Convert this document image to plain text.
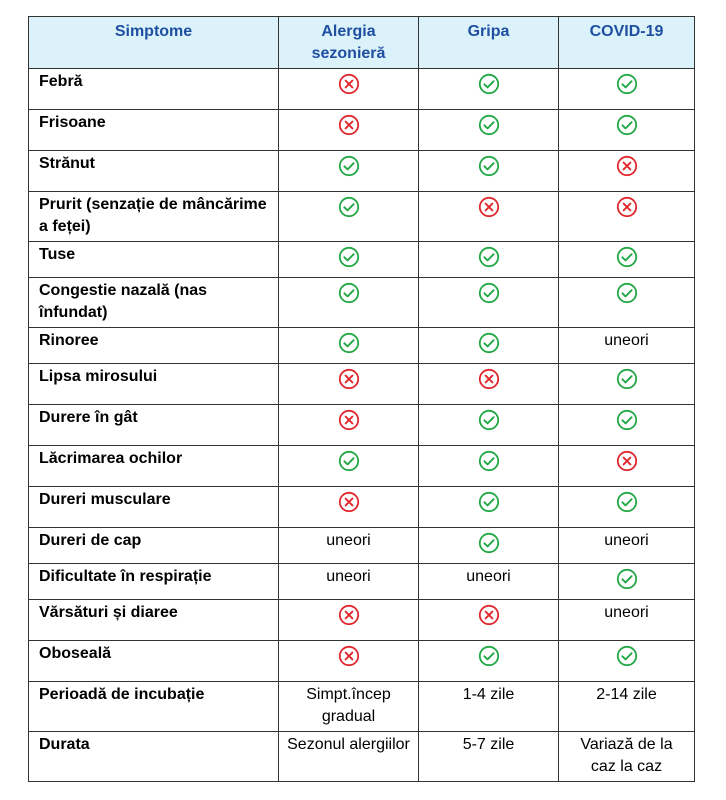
Simptome	Alergia sezonieră	Gripa	COVID-19
Febră	

Frisoane	

Strănut	

Prurit (senzație de mâncărime a feței)	

Tuse	

Congestie nazală (nas înfundat)	

Rinoree			uneori
Lipsa mirosului	

Durere în gât	

Lăcrimarea ochilor	

Dureri musculare	

Dureri de cap	uneori		uneori
Dificultate în respirație	uneori	uneori	

Vărsături și diaree			uneori
Oboseală	

Perioadă de incubație	Simpt.încep gradual	1-4 zile	2-14 zile
Durata	Sezonul alergiilor	5-7 zile	Variază de la caz la caz
